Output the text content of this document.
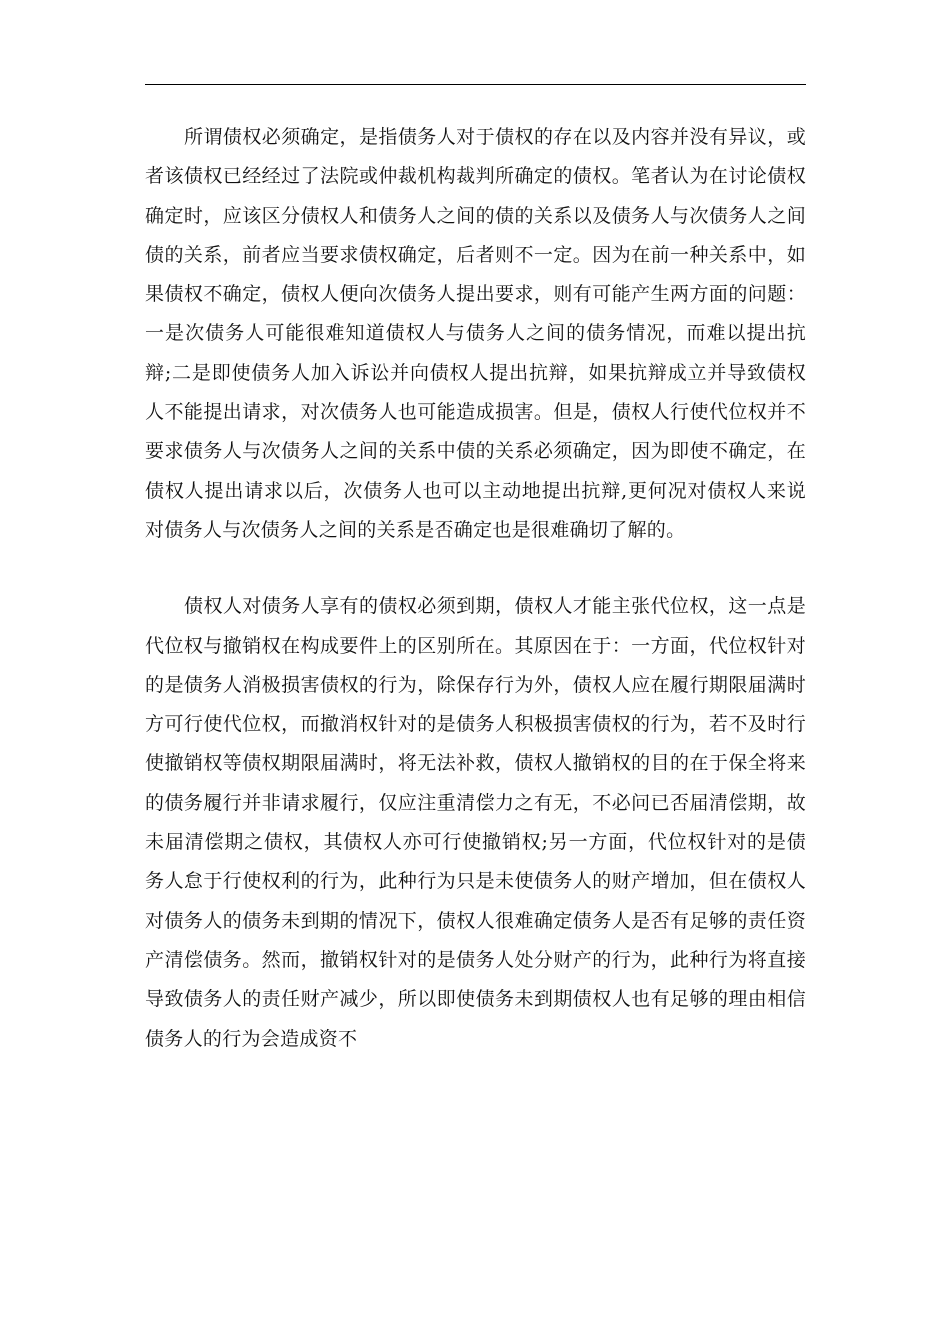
所谓债权必须确定，是指债务人对于债权的存在以及内容并没有异议，或者该债权已经经过了法院或仲裁机构裁判所确定的债权。笔者认为在讨论债权确定时，应该区分债权人和债务人之间的债的关系以及债务人与次债务人之间债的关系，前者应当要求债权确定，后者则不一定。因为在前一种关系中，如果债权不确定，债权人便向次债务人提出要求，则有可能产生两方面的问题：一是次债务人可能很难知道债权人与债务人之间的债务情况，而难以提出抗辩;二是即使债务人加入诉讼并向债权人提出抗辩，如果抗辩成立并导致债权人不能提出请求，对次债务人也可能造成损害。但是，债权人行使代位权并不要求债务人与次债务人之间的关系中债的关系必须确定，因为即使不确定，在债权人提出请求以后，次债务人也可以主动地提出抗辩,更何况对债权人来说对债务人与次债务人之间的关系是否确定也是很难确切了解的。

债权人对债务人享有的债权必须到期，债权人才能主张代位权，这一点是代位权与撤销权在构成要件上的区别所在。其原因在于：一方面，代位权针对的是债务人消极损害债权的行为，除保存行为外，债权人应在履行期限届满时方可行使代位权，而撤消权针对的是债务人积极损害债权的行为，若不及时行使撤销权等债权期限届满时，将无法补救，债权人撤销权的目的在于保全将来的债务履行并非请求履行，仅应注重清偿力之有无，不必问已否届清偿期，故未届清偿期之债权，其债权人亦可行使撤销权;另一方面，代位权针对的是债务人怠于行使权利的行为，此种行为只是未使债务人的财产增加，但在债权人对债务人的债务未到期的情况下，债权人很难确定债务人是否有足够的责任资产清偿债务。然而，撤销权针对的是债务人处分财产的行为，此种行为将直接导致债务人的责任财产减少，所以即使债务未到期债权人也有足够的理由相信债务人的行为会造成资不
